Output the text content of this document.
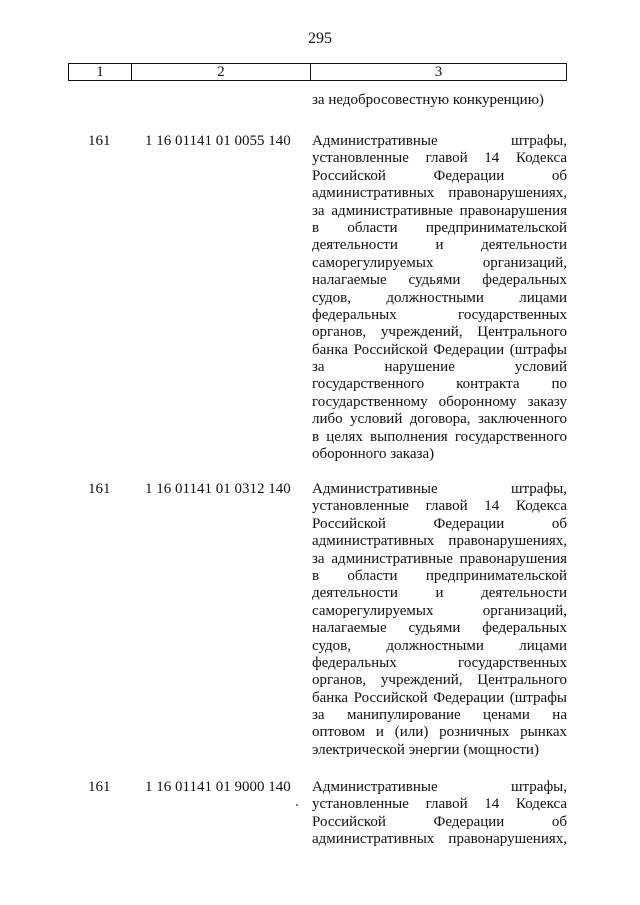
295
1	2	3
за недобросовестную конкуренцию)
161 1 16 01141 01 0055 140 Административные штрафы,
установленные главой 14 Кодекса
Российской Федерации об
административных правонарушениях,
за административные правонарушения
в области предпринимательской
деятельности и деятельности
саморегулируемых организаций,
налагаемые судьями федеральных
судов, должностными лицами
федеральных государственных
органов, учреждений, Центрального
банка Российской Федерации (штрафы
за нарушение условий
государственного контракта по
государственному оборонному заказу
либо условий договора, заключенного
в целях выполнения государственного
оборонного заказа)
161 1 16 01141 01 0312 140 Административные штрафы,
установленные главой 14 Кодекса
Российской Федерации об
административных правонарушениях,
за административные правонарушения
в области предпринимательской
деятельности и деятельности
саморегулируемых организаций,
налагаемые судьями федеральных
судов, должностными лицами
федеральных государственных
органов, учреждений, Центрального
банка Российской Федерации (штрафы
за манипулирование ценами на
оптовом и (или) розничных рынках
электрической энергии (мощности)
161 1 16 01141 01 9000 140 Административные штрафы,
установленные главой 14 Кодекса
Российской Федерации об
административных правонарушениях,
